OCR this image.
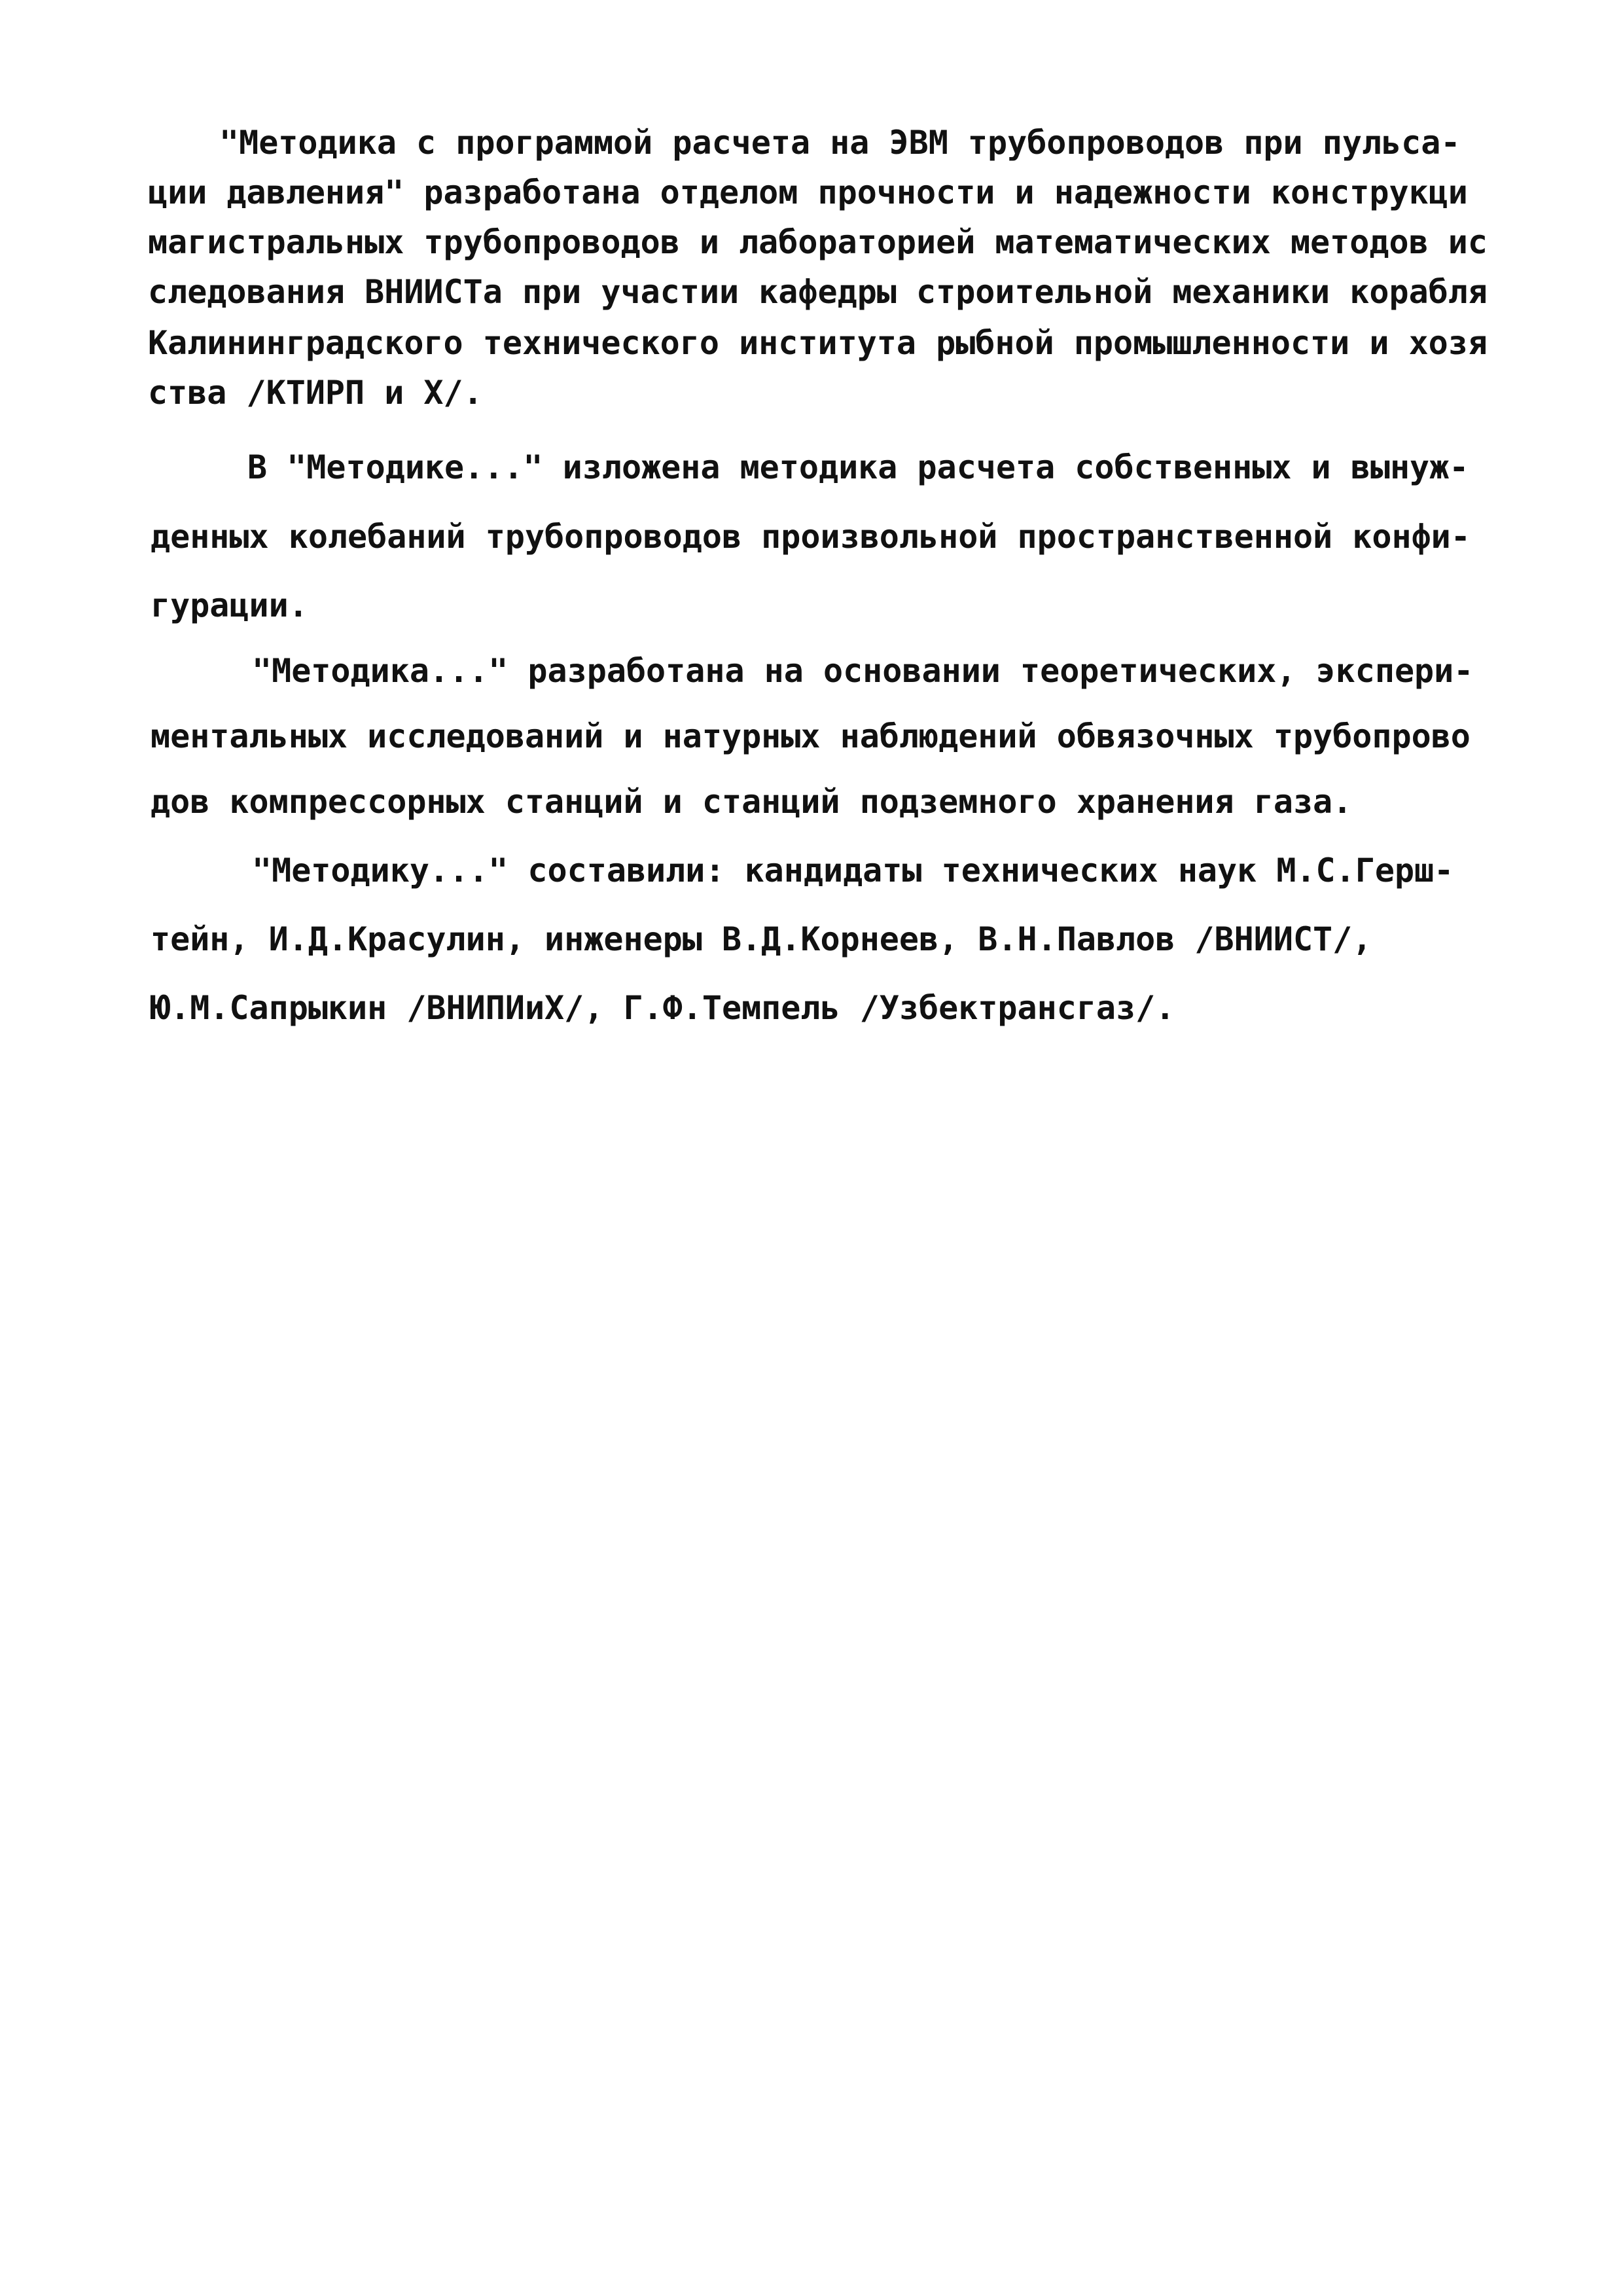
"Методика с программой расчета на ЭВМ трубопроводов при пульса-
ции давления" разработана отделом прочности и надежности конструкци
магистральных трубопроводов и лабораторией математических методов ис
следования ВНИИСТа при участии кафедры строительной механики корабля
Калининградского технического института рыбной промышленности и хозя
ства /КТИРП и Х/.
В "Методике..." изложена методика расчета собственных и вынуж-
денных колебаний трубопроводов произвольной пространственной конфи-
гурации.
"Методика..." разработана на основании теоретических, экспери-
ментальных исследований и натурных наблюдений обвязочных трубопрово
дов компрессорных станций и станций подземного хранения газа.
"Методику..." составили: кандидаты технических наук М.С.Герш-
тейн, И.Д.Красулин, инженеры В.Д.Корнеев, В.Н.Павлов /ВНИИСТ/,
Ю.М.Сапрыкин /ВНИПИиХ/, Г.Ф.Темпель /Узбектрансгаз/.
